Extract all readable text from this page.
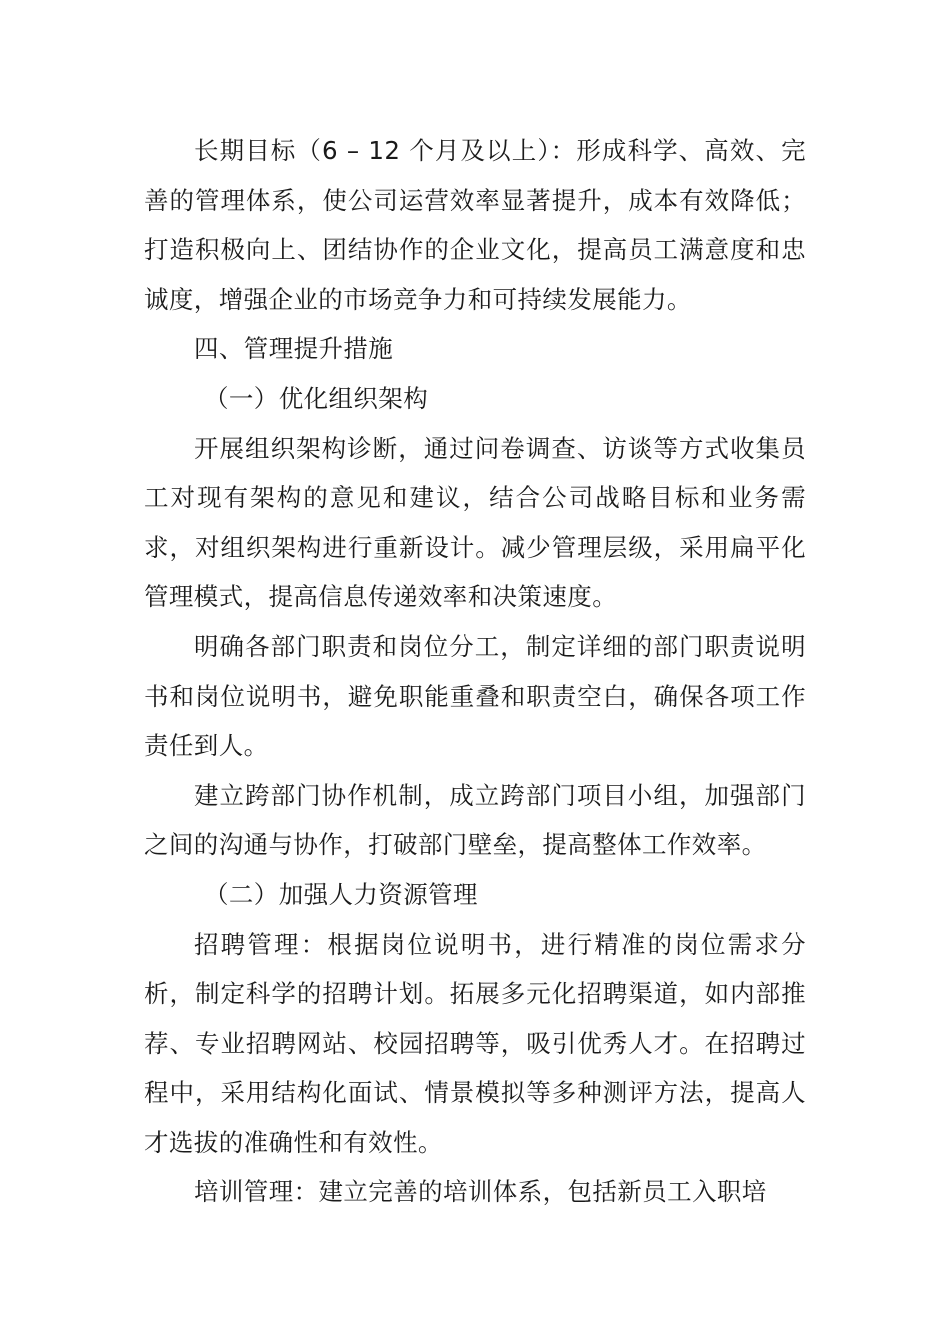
长期目标（6 – 12 个月及以上）：形成科学、高效、完善的管理体系，使公司运营效率显著提升，成本有效降低；打造积极向上、团结协作的企业文化，提高员工满意度和忠诚度，增强企业的市场竞争力和可持续发展能力。

四、管理提升措施

（一）优化组织架构

开展组织架构诊断，通过问卷调查、访谈等方式收集员工对现有架构的意见和建议，结合公司战略目标和业务需求，对组织架构进行重新设计。减少管理层级，采用扁平化管理模式，提高信息传递效率和决策速度。

明确各部门职责和岗位分工，制定详细的部门职责说明书和岗位说明书，避免职能重叠和职责空白，确保各项工作责任到人。

建立跨部门协作机制，成立跨部门项目小组，加强部门之间的沟通与协作，打破部门壁垒，提高整体工作效率。

（二）加强人力资源管理

招聘管理：根据岗位说明书，进行精准的岗位需求分析，制定科学的招聘计划。拓展多元化招聘渠道，如内部推荐、专业招聘网站、校园招聘等，吸引优秀人才。在招聘过程中，采用结构化面试、情景模拟等多种测评方法，提高人才选拔的准确性和有效性。

培训管理：建立完善的培训体系，包括新员工入职培
